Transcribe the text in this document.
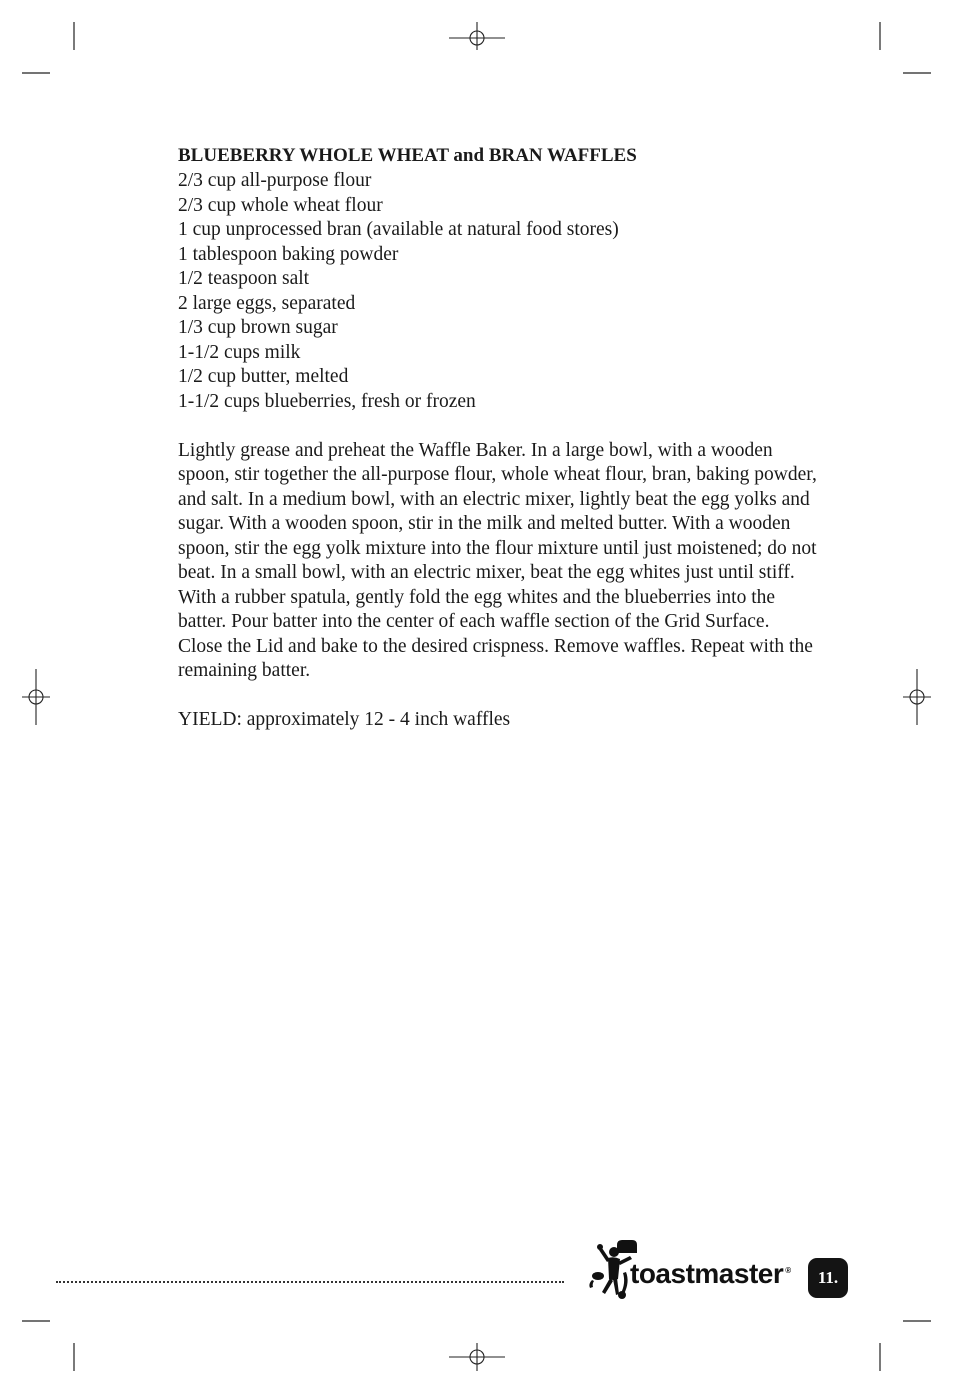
BLUEBERRY WHOLE WHEAT and BRAN WAFFLES
2/3 cup all-purpose flour
2/3 cup whole wheat flour
1 cup unprocessed bran (available at natural food stores)
1 tablespoon baking powder
1/2 teaspoon salt
2 large eggs, separated
1/3 cup brown sugar
1-1/2 cups milk
1/2 cup butter, melted
1-1/2 cups blueberries, fresh or frozen

Lightly grease and preheat the Waffle Baker. In a large bowl, with a wooden spoon, stir together the all-purpose flour, whole wheat flour, bran, baking powder, and salt. In a medium bowl, with an electric mixer, lightly beat the egg yolks and sugar. With a wooden spoon, stir in the milk and melted butter. With a wooden spoon, stir the egg yolk mixture into the flour mixture until just moistened; do not beat. In a small bowl, with an electric mixer, beat the egg whites just until stiff. With a rubber spatula, gently fold the egg whites and the blueberries into the batter. Pour batter into the center of each waffle section of the Grid Surface. Close the Lid and bake to the desired crispness. Remove waffles. Repeat with the remaining batter.

YIELD: approximately 12 - 4 inch waffles

toastmaster ® 11.
